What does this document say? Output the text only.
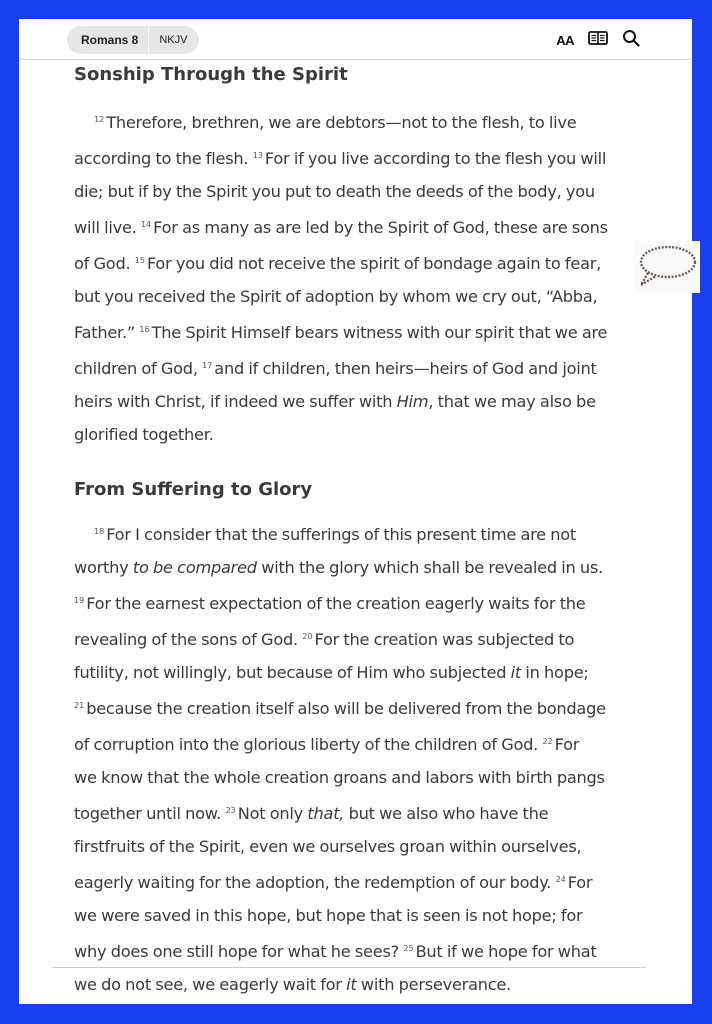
Romans 8	NKJV	AA
Sonship Through the Spirit
$^{12}$ Therefore, brethren, we are debtors—not to the flesh, to live
according to the flesh. $^{13}$ For if you live according to the flesh you will
die; but if by the Spirit you put to death the deeds of the body, you
will live. $^{14}$ For as many as are led by the Spirit of God, these are sons
of God. $^{15}$ For you did not receive the spirit of bondage again to fear,
but you received the Spirit of adoption by whom we cry out, “Abba,
Father.” $^{16}$ The Spirit Himself bears witness with our spirit that we are
children of God, $^{17}$ and if children, then heirs—heirs of God and joint
heirs with Christ, if indeed we suffer with Him, that we may also be
glorified together.
From Suffering to Glory
$^{18}$ For I consider that the sufferings of this present time are not
worthy to be compared with the glory which shall be revealed in us.
$^{19}$ For the earnest expectation of the creation eagerly waits for the
revealing of the sons of God. $^{20}$ For the creation was subjected to
futility, not willingly, but because of Him who subjected it in hope;
$^{21}$ because the creation itself also will be delivered from the bondage
of corruption into the glorious liberty of the children of God. $^{22}$ For
we know that the whole creation groans and labors with birth pangs
together until now. $^{23}$ Not only that, but we also who have the
firstfruits of the Spirit, even we ourselves groan within ourselves,
eagerly waiting for the adoption, the redemption of our body. $^{24}$ For
we were saved in this hope, but hope that is seen is not hope; for
why does one still hope for what he sees? $^{25}$ But if we hope for what
we do not see, we eagerly wait for it with perseverance.
